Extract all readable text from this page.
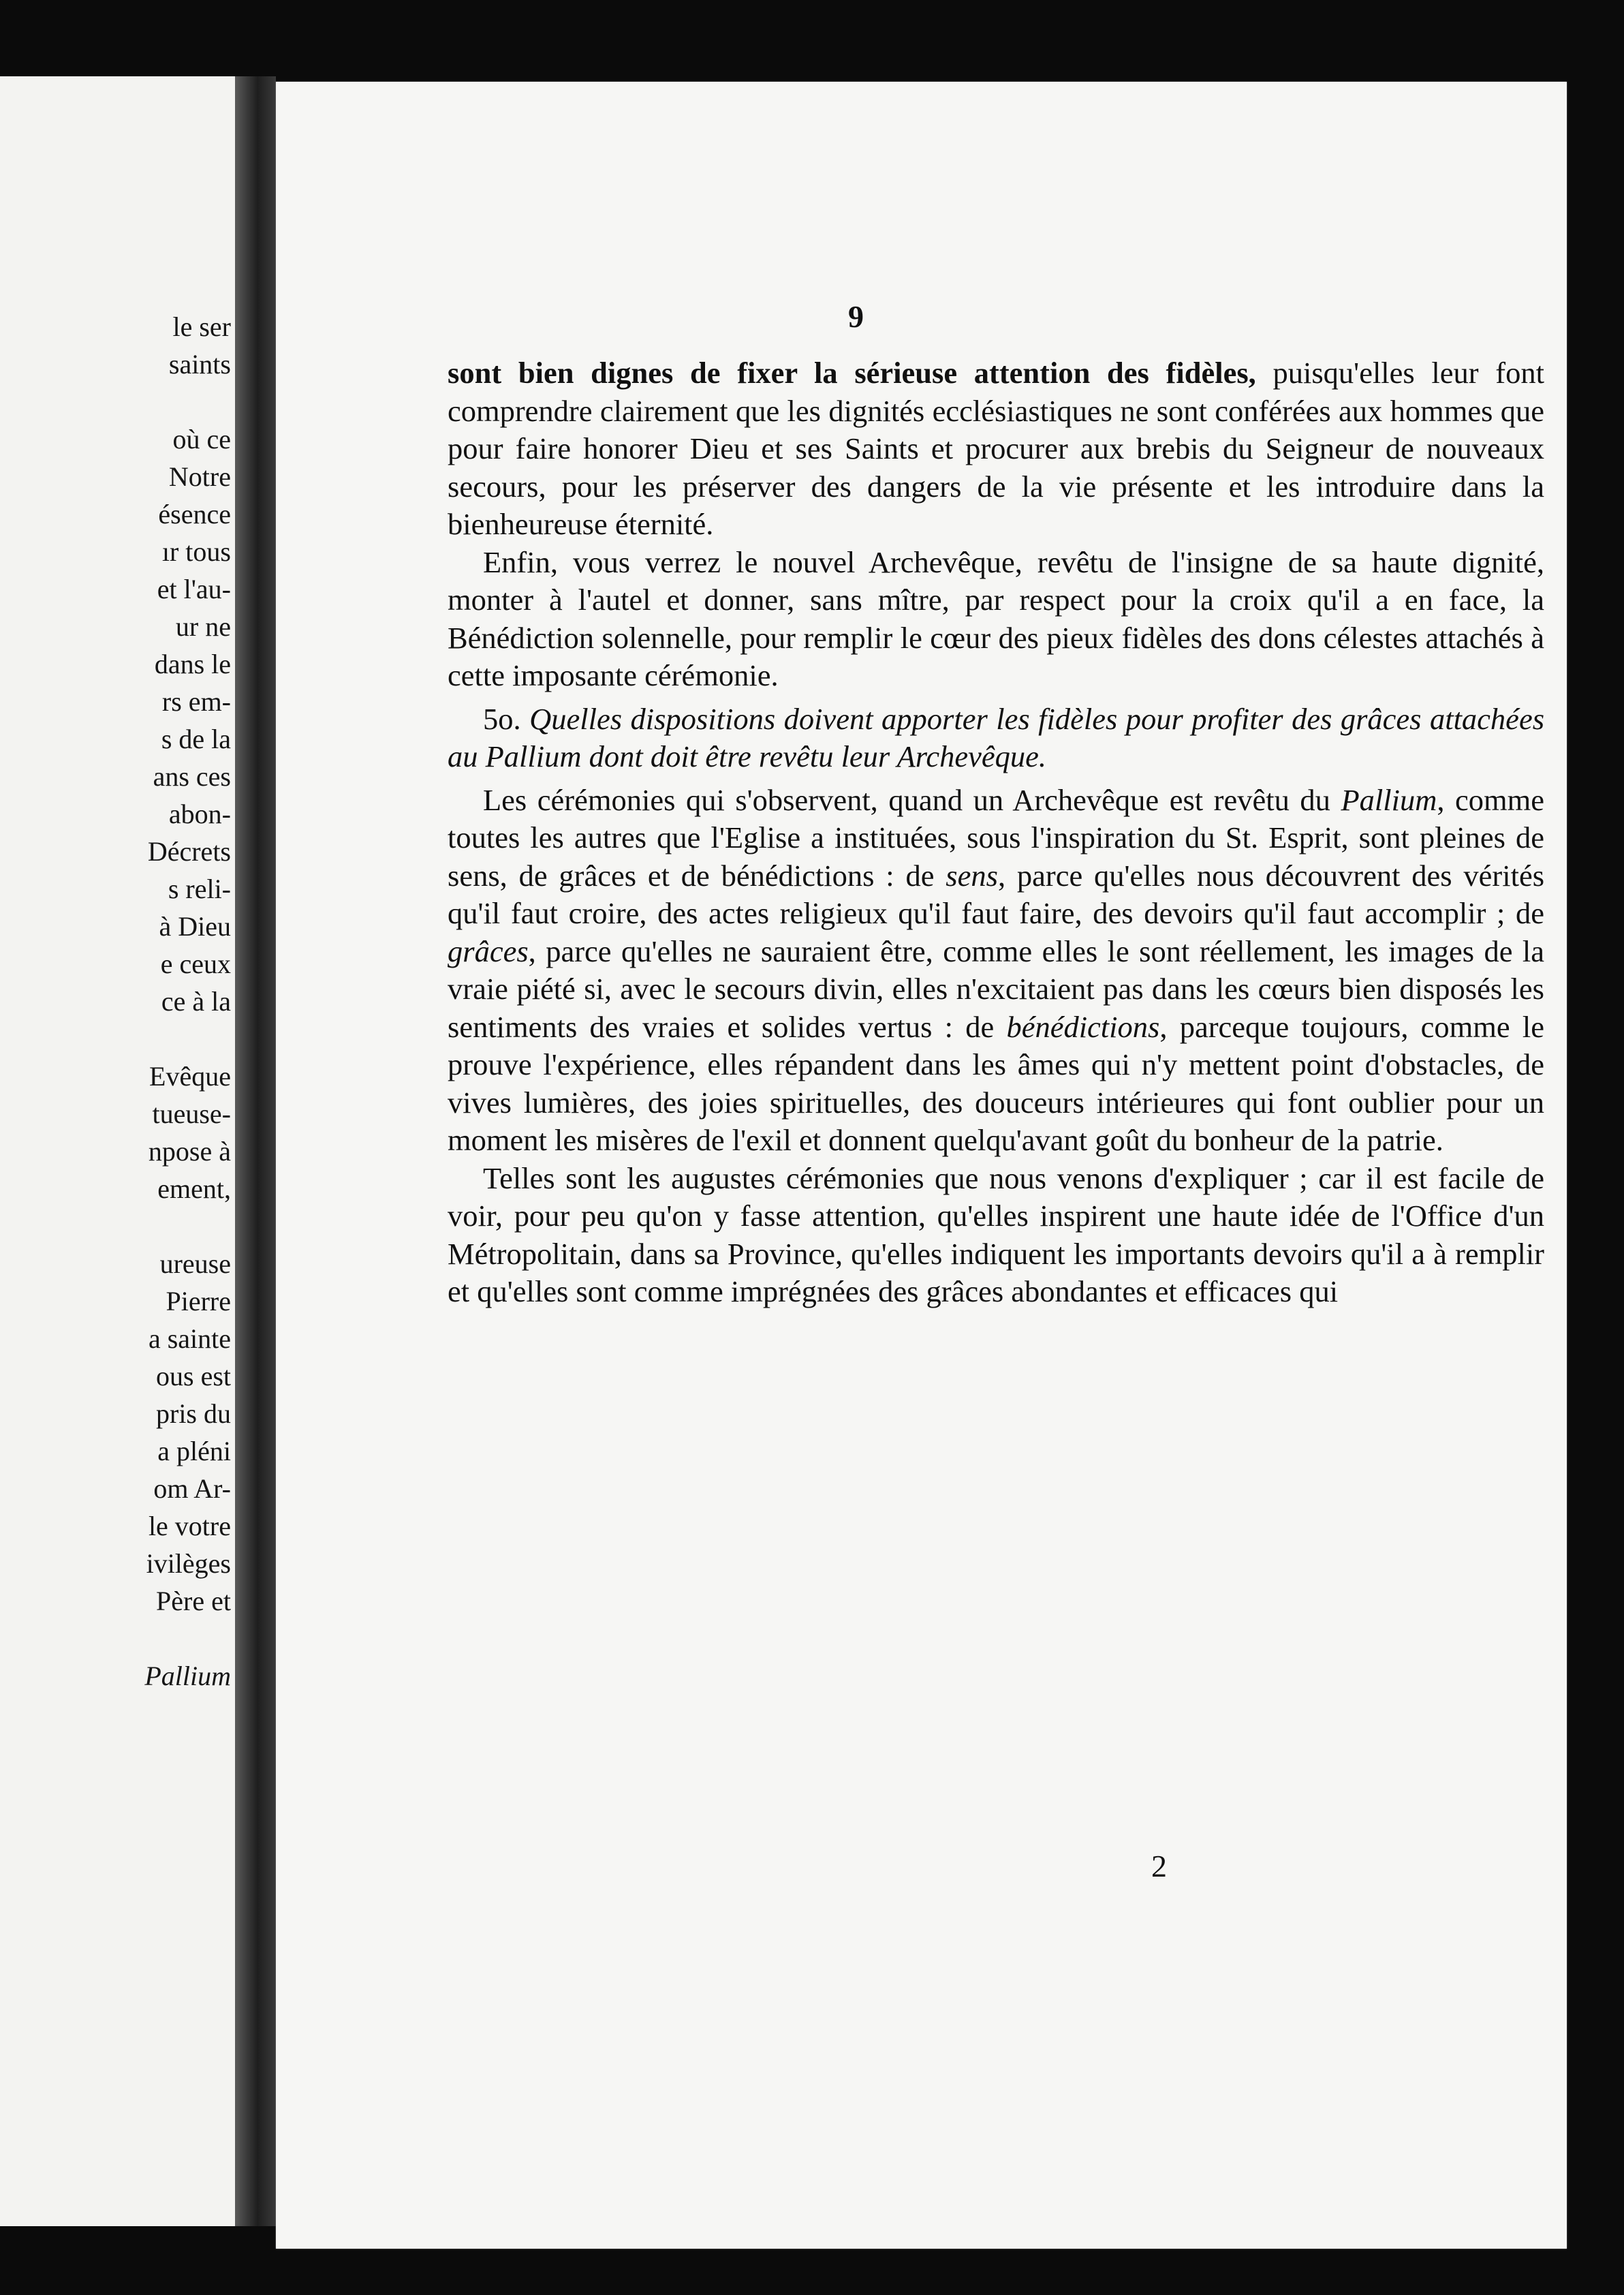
le ser
saints
où ce
Notre
ésence
ır tous
et l'au-
ur ne
dans le
rs em-
s de la
ans ces
abon-
Décrets
s reli-
à Dieu
e ceux
ce à la
Evêque
tueuse-
npose à
ement,
ureuse
Pierre
a sainte
ous est
pris du
a pléni
om Ar-
le votre
ivilèges
Père et
Pallium
9

sont bien dignes de fixer la sérieuse attention des fidèles, puisqu'elles leur font comprendre clairement que les dignités ecclésiastiques ne sont conférées aux hommes que pour faire honorer Dieu et ses Saints et procurer aux brebis du Seigneur de nouveaux secours, pour les préserver des dangers de la vie présente et les introduire dans la bienheureuse éternité.

Enfin, vous verrez le nouvel Archevêque, revêtu de l'insigne de sa haute dignité, monter à l'autel et donner, sans mître, par respect pour la croix qu'il a en face, la Bénédiction solennelle, pour remplir le cœur des pieux fidèles des dons célestes attachés à cette imposante cérémonie.

5o. Quelles dispositions doivent apporter les fidèles pour profiter des grâces attachées au Pallium dont doit être revêtu leur Archevêque.

Les cérémonies qui s'observent, quand un Archevêque est revêtu du Pallium, comme toutes les autres que l'Eglise a instituées, sous l'inspiration du St. Esprit, sont pleines de sens, de grâces et de bénédictions : de sens, parce qu'elles nous découvrent des vérités qu'il faut croire, des actes religieux qu'il faut faire, des devoirs qu'il faut accomplir ; de grâces, parce qu'elles ne sauraient être, comme elles le sont réellement, les images de la vraie piété si, avec le secours divin, elles n'excitaient pas dans les cœurs bien disposés les sentiments des vraies et solides vertus : de bénédictions, parceque toujours, comme le prouve l'expérience, elles répandent dans les âmes qui n'y mettent point d'obstacles, de vives lumières, des joies spirituelles, des douceurs intérieures qui font oublier pour un moment les misères de l'exil et donnent quelqu'avant goût du bonheur de la patrie.

Telles sont les augustes cérémonies que nous venons d'expliquer ; car il est facile de voir, pour peu qu'on y fasse attention, qu'elles inspirent une haute idée de l'Office d'un Métropolitain, dans sa Province, qu'elles indiquent les importants devoirs qu'il a à remplir et qu'elles sont comme imprégnées des grâces abondantes et efficaces qui

2
